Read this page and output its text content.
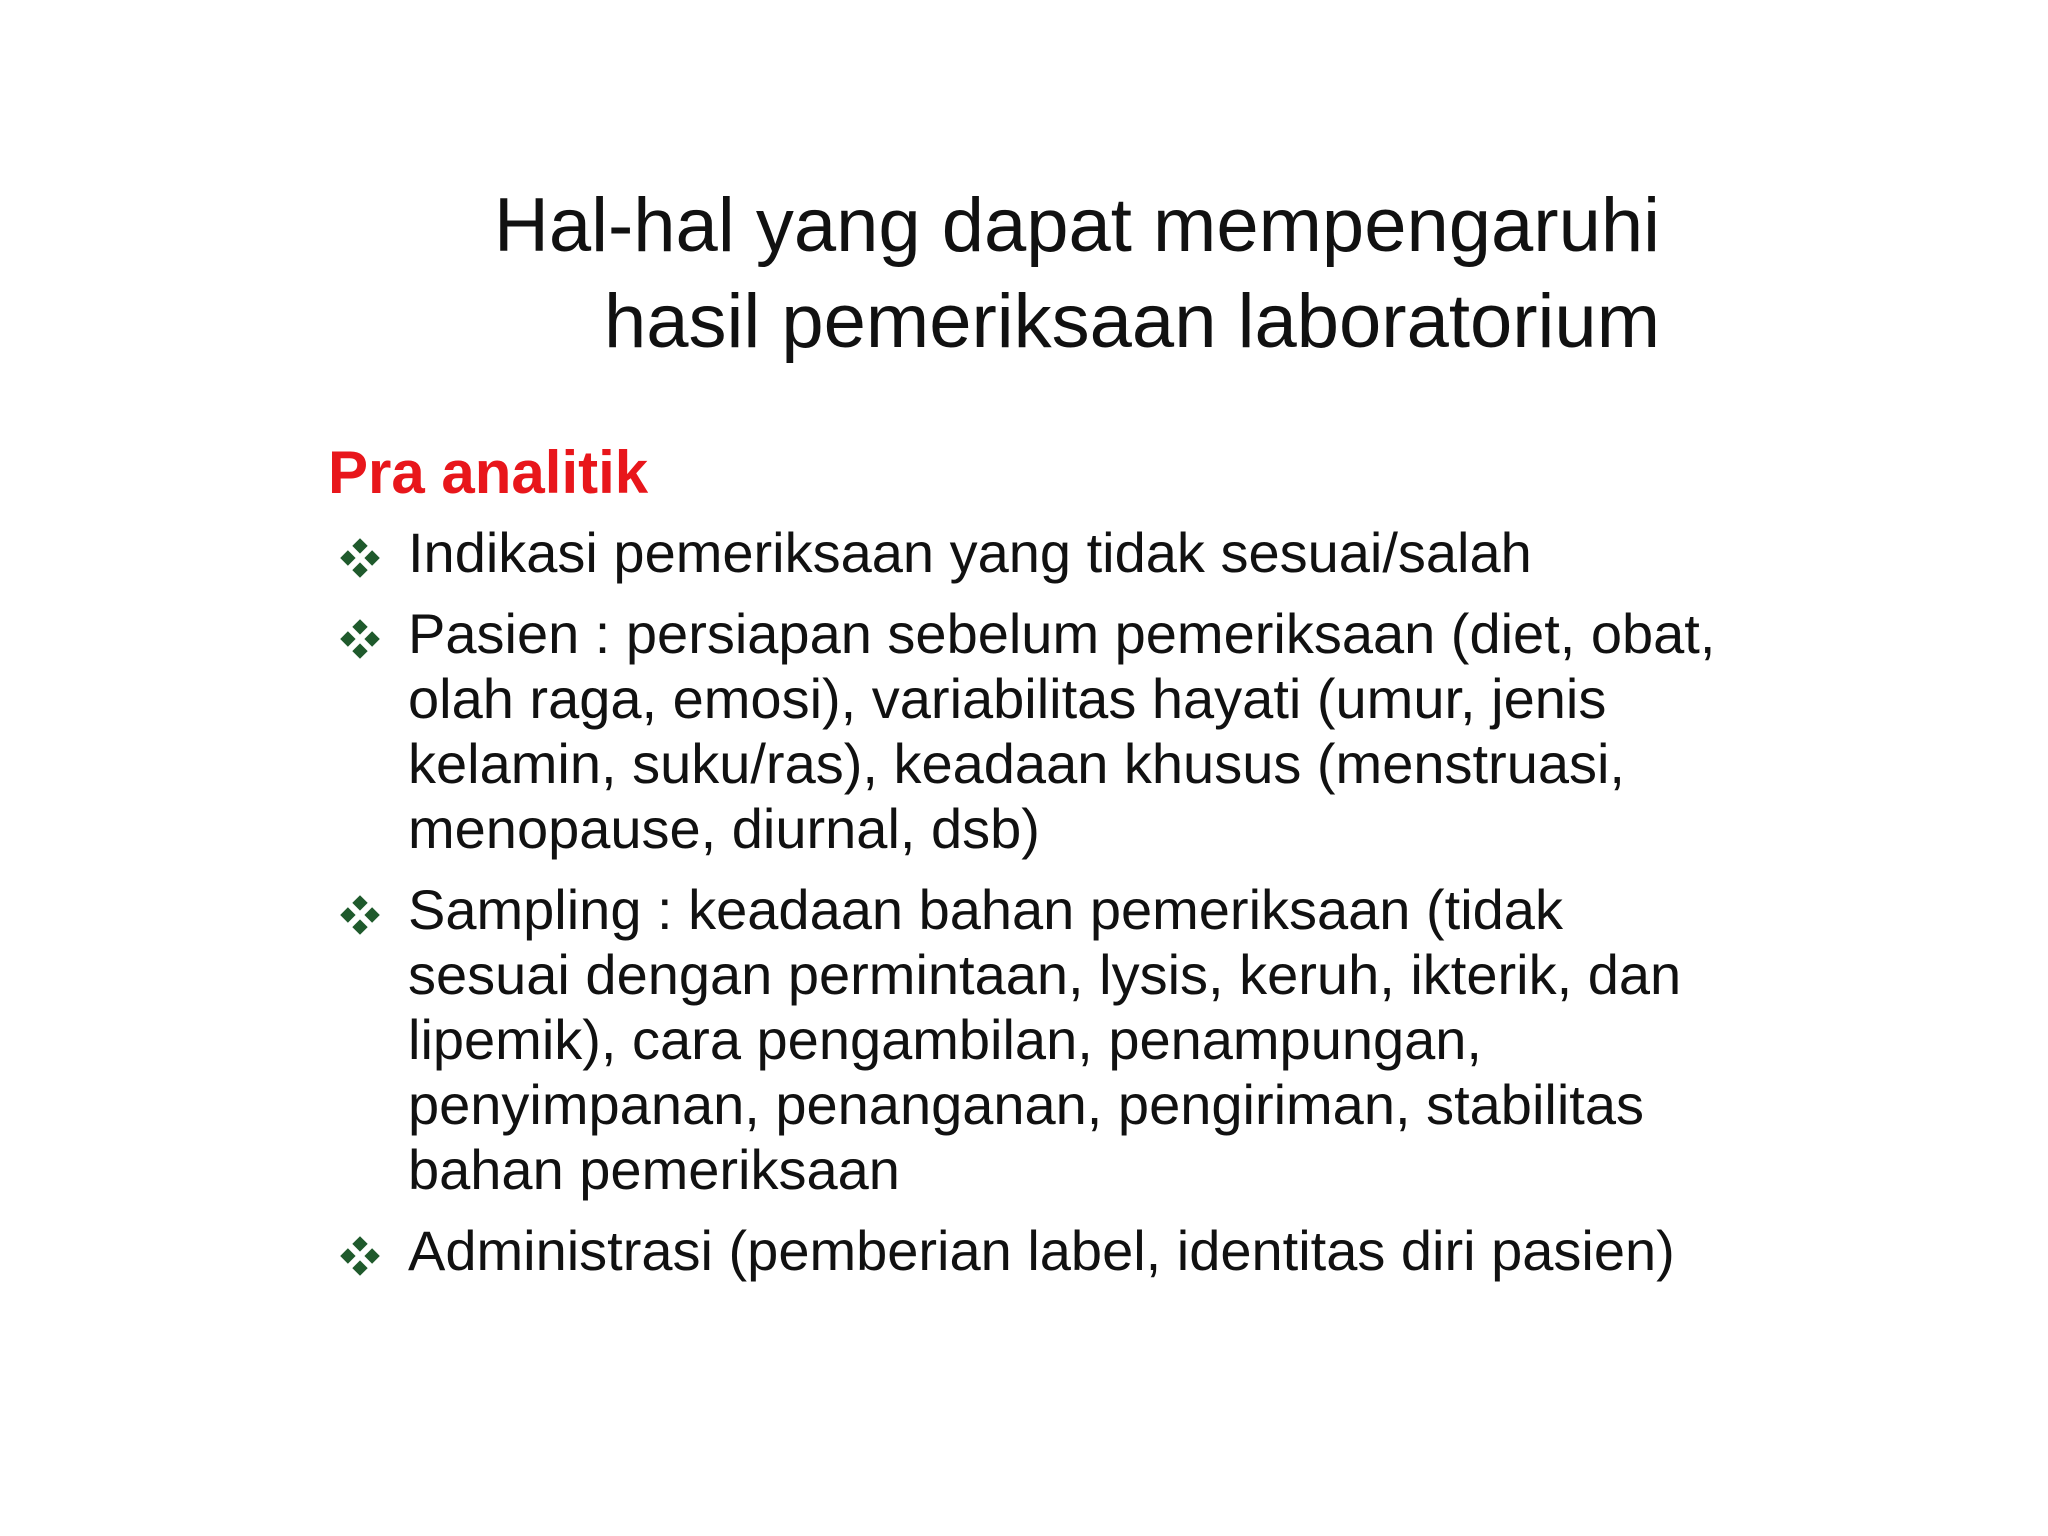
Hal-hal yang dapat mempengaruhi
hasil pemeriksaan laboratorium
Pra analitik
Indikasi pemeriksaan yang tidak sesuai/salah
Pasien : persiapan sebelum pemeriksaan (diet, obat, olah raga, emosi), variabilitas hayati (umur, jenis kelamin, suku/ras), keadaan khusus (menstruasi, menopause, diurnal, dsb)
Sampling : keadaan bahan pemeriksaan (tidak sesuai dengan permintaan, lysis, keruh, ikterik, dan lipemik), cara pengambilan, penampungan, penyimpanan, penanganan, pengiriman, stabilitas bahan pemeriksaan
Administrasi (pemberian label, identitas diri pasien)
